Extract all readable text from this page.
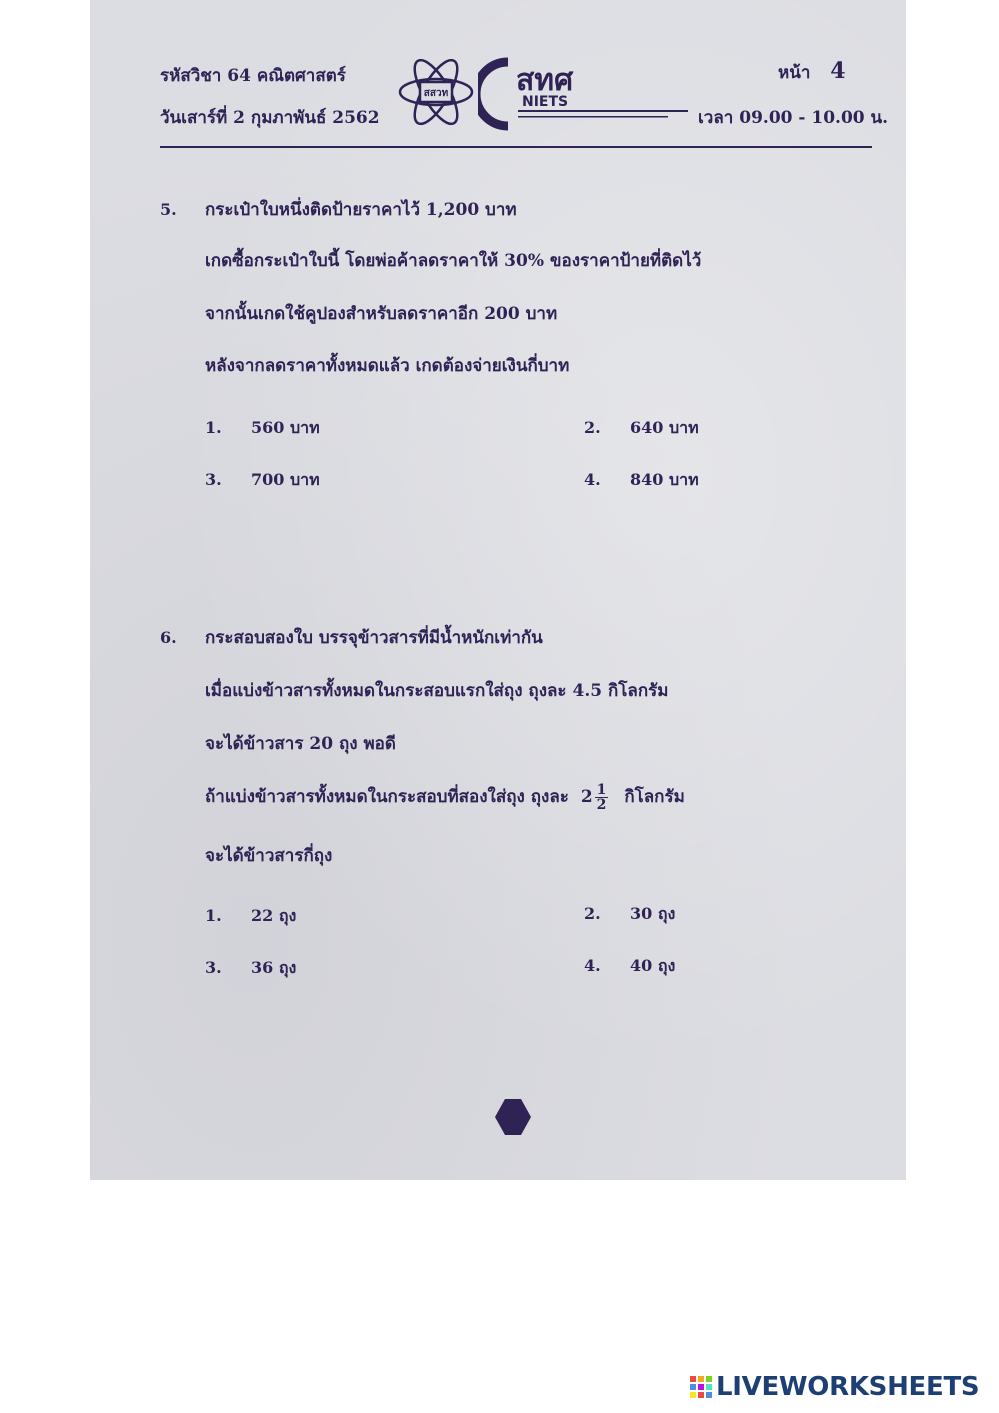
รหัสวิชา 64 คณิตศาสตร์
วันเสาร์ที่ 2 กุมภาพันธ์ 2562
สสวท สทศ
NIETS
หน้า 4
เวลา 09.00 - 10.00 น.
5. กระเป๋าใบหนึ่งติดป้ายราคาไว้ 1,200 บาท
เกดซื้อกระเป๋าใบนี้ โดยพ่อค้าลดราคาให้ 30% ของราคาป้ายที่ติดไว้
จากนั้นเกดใช้คูปองสำหรับลดราคาอีก 200 บาท
หลังจากลดราคาทั้งหมดแล้ว เกดต้องจ่ายเงินกี่บาท
1. 560 บาท	2. 640 บาท
3. 700 บาท	4. 840 บาท
6. กระสอบสองใบ บรรจุข้าวสารที่มีน้ำหนักเท่ากัน
เมื่อแบ่งข้าวสารทั้งหมดในกระสอบแรกใส่ถุง ถุงละ 4.5 กิโลกรัม
จะได้ข้าวสาร 20 ถุง พอดี
ถ้าแบ่งข้าวสารทั้งหมดในกระสอบที่สองใส่ถุง ถุงละ $2 \frac{1}{2}$ กิโลกรัม
จะได้ข้าวสารกี่ถุง
1. 22 ถุง	2. 30 ถุง
3. 36 ถุง	4. 40 ถุง
LIVEWORKSHEETS
